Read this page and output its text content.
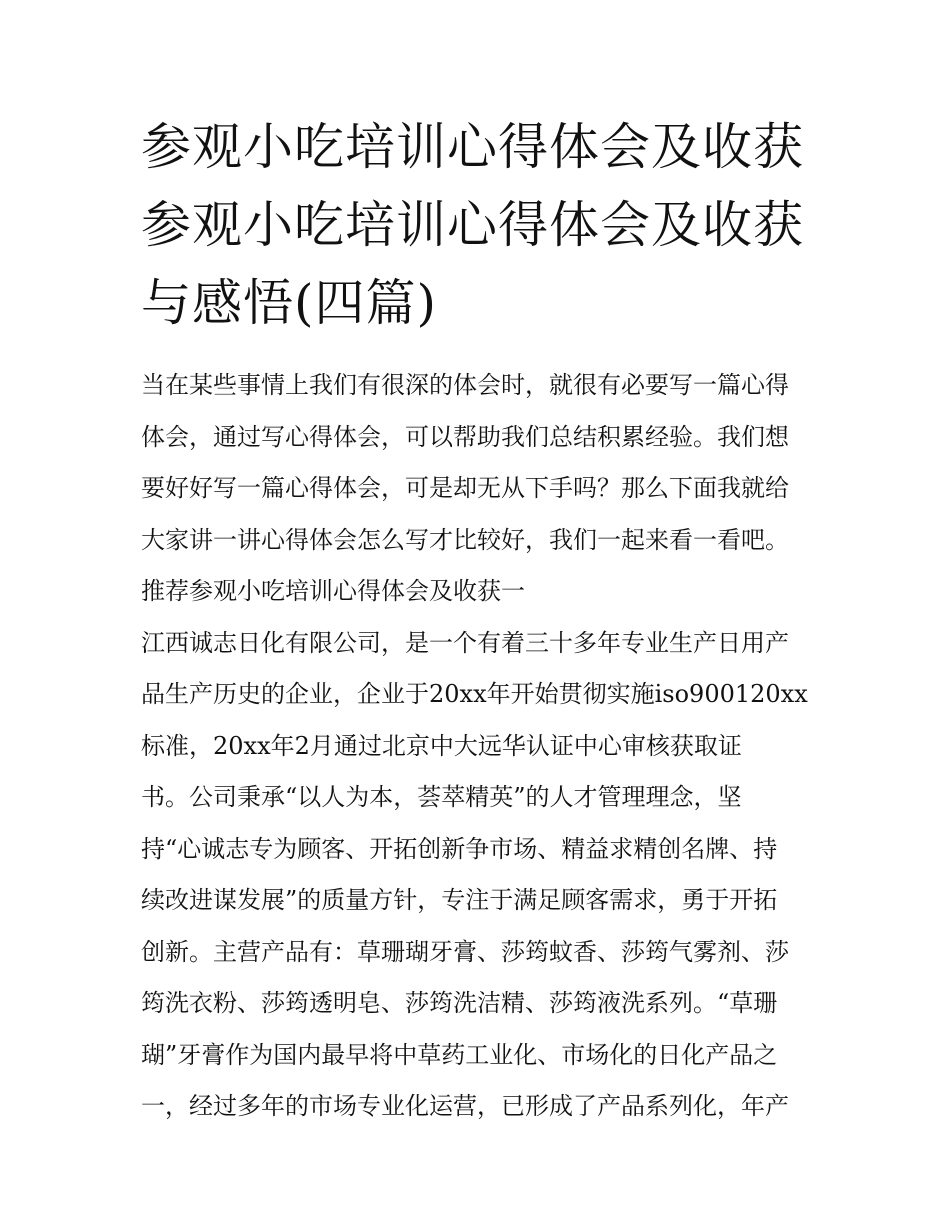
参观小吃培训心得体会及收获
参观小吃培训心得体会及收获
与感悟(四篇)
当在某些事情上我们有很深的体会时，就很有必要写一篇心得
体会，通过写心得体会，可以帮助我们总结积累经验。我们想
要好好写一篇心得体会，可是却无从下手吗？那么下面我就给
大家讲一讲心得体会怎么写才比较好，我们一起来看一看吧。
推荐参观小吃培训心得体会及收获一
江西诚志日化有限公司，是一个有着三十多年专业生产日用产
品生产历史的企业，企业于20xx年开始贯彻实施iso900120xx
标准，20xx年2月通过北京中大远华认证中心审核获取证
书。公司秉承“以人为本，荟萃精英”的人才管理理念，坚
持“心诚志专为顾客、开拓创新争市场、精益求精创名牌、持
续改进谋发展”的质量方针，专注于满足顾客需求，勇于开拓
创新。主营产品有：草珊瑚牙膏、莎筠蚊香、莎筠气雾剂、莎
筠洗衣粉、莎筠透明皂、莎筠洗洁精、莎筠液洗系列。“草珊
瑚”牙膏作为国内最早将中草药工业化、市场化的日化产品之
一，经过多年的市场专业化运营，已形成了产品系列化，年产
